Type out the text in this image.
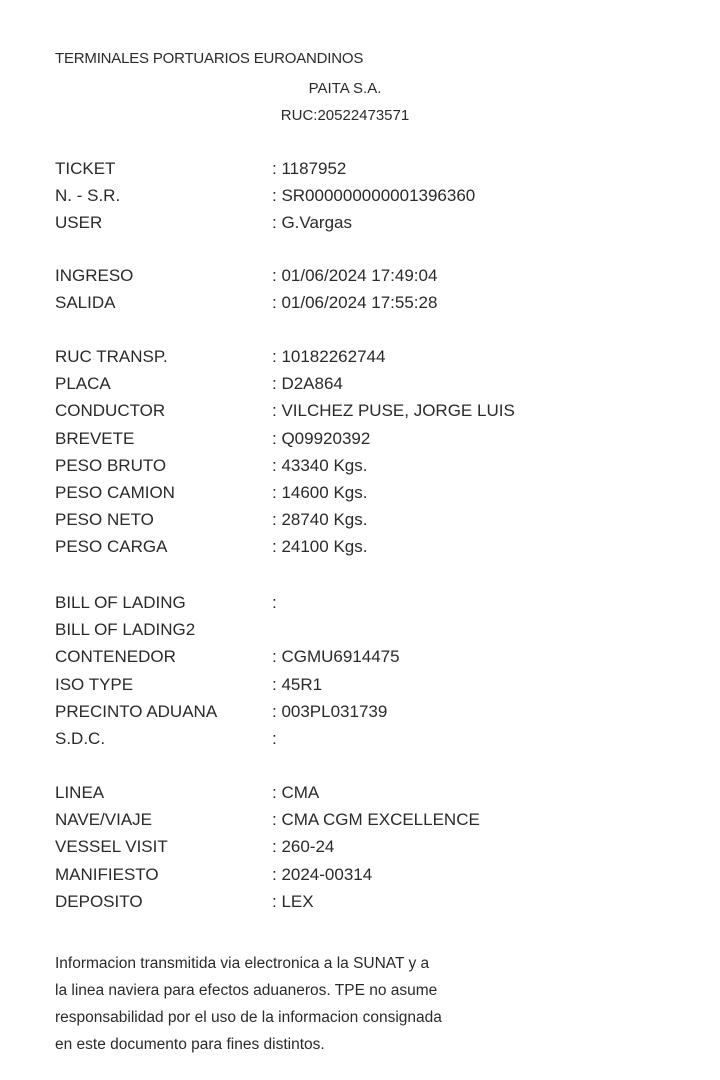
TERMINALES PORTUARIOS EUROANDINOS
PAITA S.A.
RUC:20522473571
TICKET	: 1187952
N. - S.R.	: SR000000000001396360
USER	: G.Vargas
INGRESO	: 01/06/2024 17:49:04
SALIDA	: 01/06/2024 17:55:28
RUC TRANSP.	: 10182262744
PLACA	: D2A864
CONDUCTOR	: VILCHEZ PUSE, JORGE LUIS
BREVETE	: Q09920392
PESO BRUTO	: 43340 Kgs.
PESO CAMION	: 14600 Kgs.
PESO NETO	: 28740 Kgs.
PESO CARGA	: 24100 Kgs.
BILL OF LADING	:
BILL OF LADING2
CONTENEDOR	: CGMU6914475
ISO TYPE	: 45R1
PRECINTO ADUANA	: 003PL031739
S.D.C.	:
LINEA	: CMA
NAVE/VIAJE	: CMA CGM EXCELLENCE
VESSEL VISIT	: 260-24
MANIFIESTO	: 2024-00314
DEPOSITO	: LEX
Informacion transmitida via electronica a la SUNAT y a
la linea naviera para efectos aduaneros. TPE no asume
responsabilidad por el uso de la informacion consignada
en este documento para fines distintos.
